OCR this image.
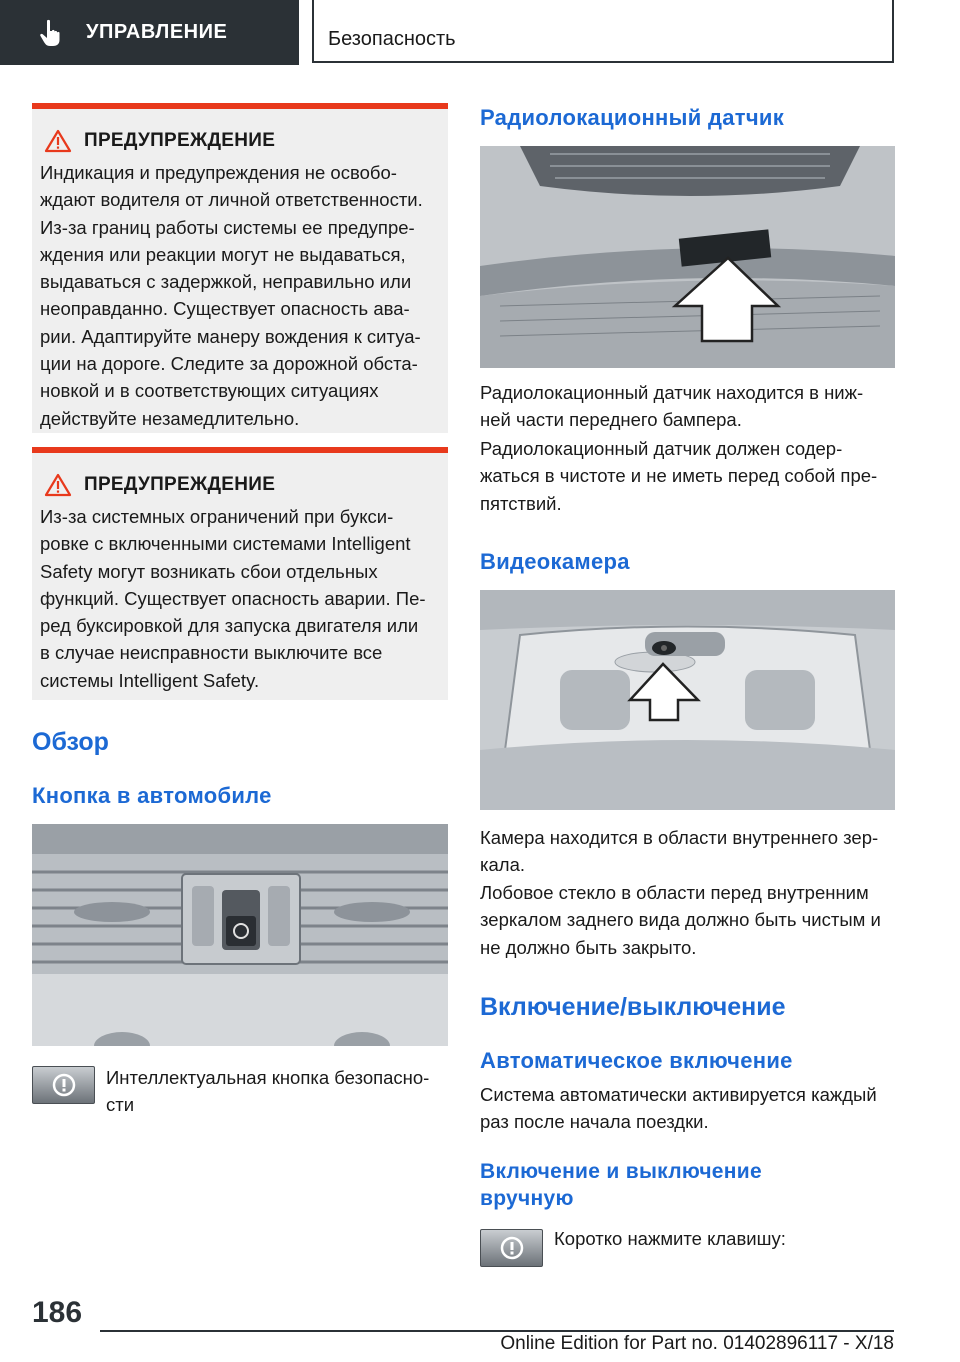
УПРАВЛЕНИЕ	Безопасность
ПРЕДУПРЕЖДЕНИЕ
Индикация и предупреждения не освобо-
ждают водителя от личной ответственности.
Из-за границ работы системы ее предупре-
ждения или реакции могут не выдаваться,
выдаваться с задержкой, неправильно или
неоправданно. Существует опасность ава-
рии. Адаптируйте манеру вождения к ситуа-
ции на дороге. Следите за дорожной обста-
новкой и в соответствующих ситуациях
действуйте незамедлительно.
ПРЕДУПРЕЖДЕНИЕ
Из-за системных ограничений при букси-
ровке с включенными системами Intelligent
Safety могут возникать сбои отдельных
функций. Существует опасность аварии. Пе-
ред буксировкой для запуска двигателя или
в случае неисправности выключите все
системы Intelligent Safety.
Обзор
Кнопка в автомобиле
Интеллектуальная кнопка безопасно-
сти
Радиолокационный датчик
Радиолокационный датчик находится в ниж-
ней части переднего бампера.
Радиолокационный датчик должен содер-
жаться в чистоте и не иметь перед собой пре-
пятствий.
Видеокамера
Камера находится в области внутреннего зер-
кала.
Лобовое стекло в области перед внутренним
зеркалом заднего вида должно быть чистым и
не должно быть закрыто.
Включение/выключение
Автоматическое включение
Система автоматически активируется каждый
раз после начала поездки.
Включение и выключение
вручную
Коротко нажмите клавишу:
186
Online Edition for Part no. 01402896117 - X/18
